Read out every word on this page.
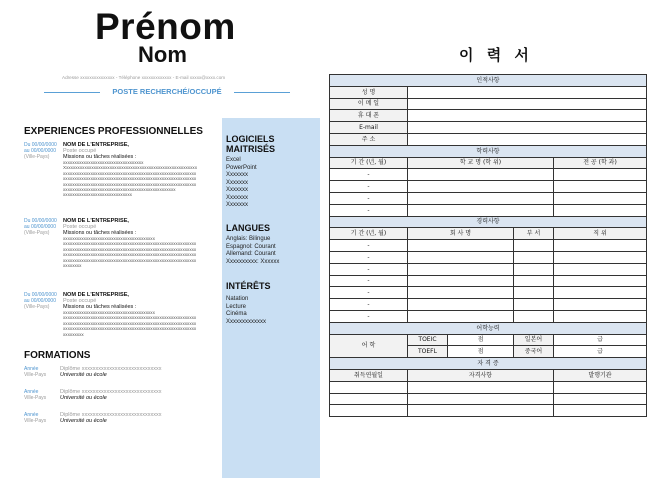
Prénom
Nom
Adresse xxxxxxxxxxxxxxx - Téléphone xxxxxxxxxxxxx - E-mail xxxxx@xxxx.com
POSTE RECHERCHÉ/OCCUPÉ
EXPERIENCES PROFESSIONNELLES
Du 00/00/0000
au 00/00/0000
(Ville-Pays)
NOM DE L'ENTREPRISE,
Poste occupé
Missions ou tâches réalisées :
xxxxxxxxxxxxxxxxxxxxxxxxxxxxxxxxxxx
Xxxxxxxxxxxxxxxxxxxxxxxxxxxxxxxxxxxxxxxxxxxxxxxxxxxxxxxxxx
xxxxxxxxxxxxxxxxxxxxxxxxxxxxxxxxxxxxxxxxxxxxxxxxxxxxxxxxxx
xxxxxxxxxxxxxxxxxxxxxxxxxxxxxxxxxxxxxxxxxxxxxxxxxxxxxxxxxx
xxxxxxxxxxxxxxxxxxxxxxxxxxxxxxxxxxxxxxxxxxxxxxxxxxxxxxxxxx
xxxxxxxxxxxxxxxxxxxxxxxxxxxxxxxxxxxxxxxxxxxxxxxxx
xxxxxxxxxxxxxxxxxxxxxxxxxxxxxx
Du 00/00/0000
au 00/00/0000
(Ville-Pays)
NOM DE L'ENTREPRISE,
Poste occupé
Missions ou tâches réalisées :
xxxxxxxxxxxxxxxxxxxxxxxxxxxxxxxxxxxxxxxx
xxxxxxxxxxxxxxxxxxxxxxxxxxxxxxxxxxxxxxxxxxxxxxxxxxxxxxxxxx
xxxxxxxxxxxxxxxxxxxxxxxxxxxxxxxxxxxxxxxxxxxxxxxxxxxxxxxxxx
xxxxxxxxxxxxxxxxxxxxxxxxxxxxxxxxxxxxxxxxxxxxxxxxxxxxxxxxxx
xxxxxxxxxxxxxxxxxxxxxxxxxxxxxxxxxxxxxxxxxxxxxxxxxxxxxxxxxx
xxxxxxxx
Du 00/00/0000
au 00/00/0000
(Ville-Pays)
NOM DE L'ENTREPRISE,
Poste occupé
Missions ou tâches réalisées :
xxxxxxxxxxxxxxxxxxxxxxxxxxxxxxxxxxxxxxxx
xxxxxxxxxxxxxxxxxxxxxxxxxxxxxxxxxxxxxxxxxxxxxxxxxxxxxxxxxx
xxxxxxxxxxxxxxxxxxxxxxxxxxxxxxxxxxxxxxxxxxxxxxxxxxxxxxxxxx
xxxxxxxxxxxxxxxxxxxxxxxxxxxxxxxxxxxxxxxxxxxxxxxxxxxxxxxxxx
xxxxxxxxx
FORMATIONS
Année
Ville-Pays
Diplôme xxxxxxxxxxxxxxxxxxxxxxxxxxxxx
Université ou école
Année
Ville-Pays
Diplôme xxxxxxxxxxxxxxxxxxxxxxxxxxxxx
Université ou école
Année
Ville-Pays
Diplôme xxxxxxxxxxxxxxxxxxxxxxxxxxxxx
Université ou école
LOGICIELS
MAITRISÉS
Excel
PowerPoint
Xxxxxxx
Xxxxxxx
Xxxxxxx
Xxxxxxx
Xxxxxxx
LANGUES
Anglais: Bilingue
Espagnol: Courant
Allemand: Courant
Xxxxxxxxxx: Xxxxxx
INTÉRÊTS
Natation
Lecture
Cinéma
Xxxxxxxxxxxxx
이 력 서
인적사항				
성 명				
이 메 일				
휴 대 폰				
E-mail				
주 소				
학력사항				
기 간 (년, 월)	학 교 명 (학 위)			전 공 (학 과)
-				
-				
-				
-				
경력사항				
기 간 (년, 월)	회 사 명		부 서	직 위
-				
-				
-				
-				
-				
-				
-				
어학능력				
어 학	TOEIC	점	일본어	급
	TOEFL	점	중국어	급
자 격 증				
취득연월일	자격사항			발행기관
